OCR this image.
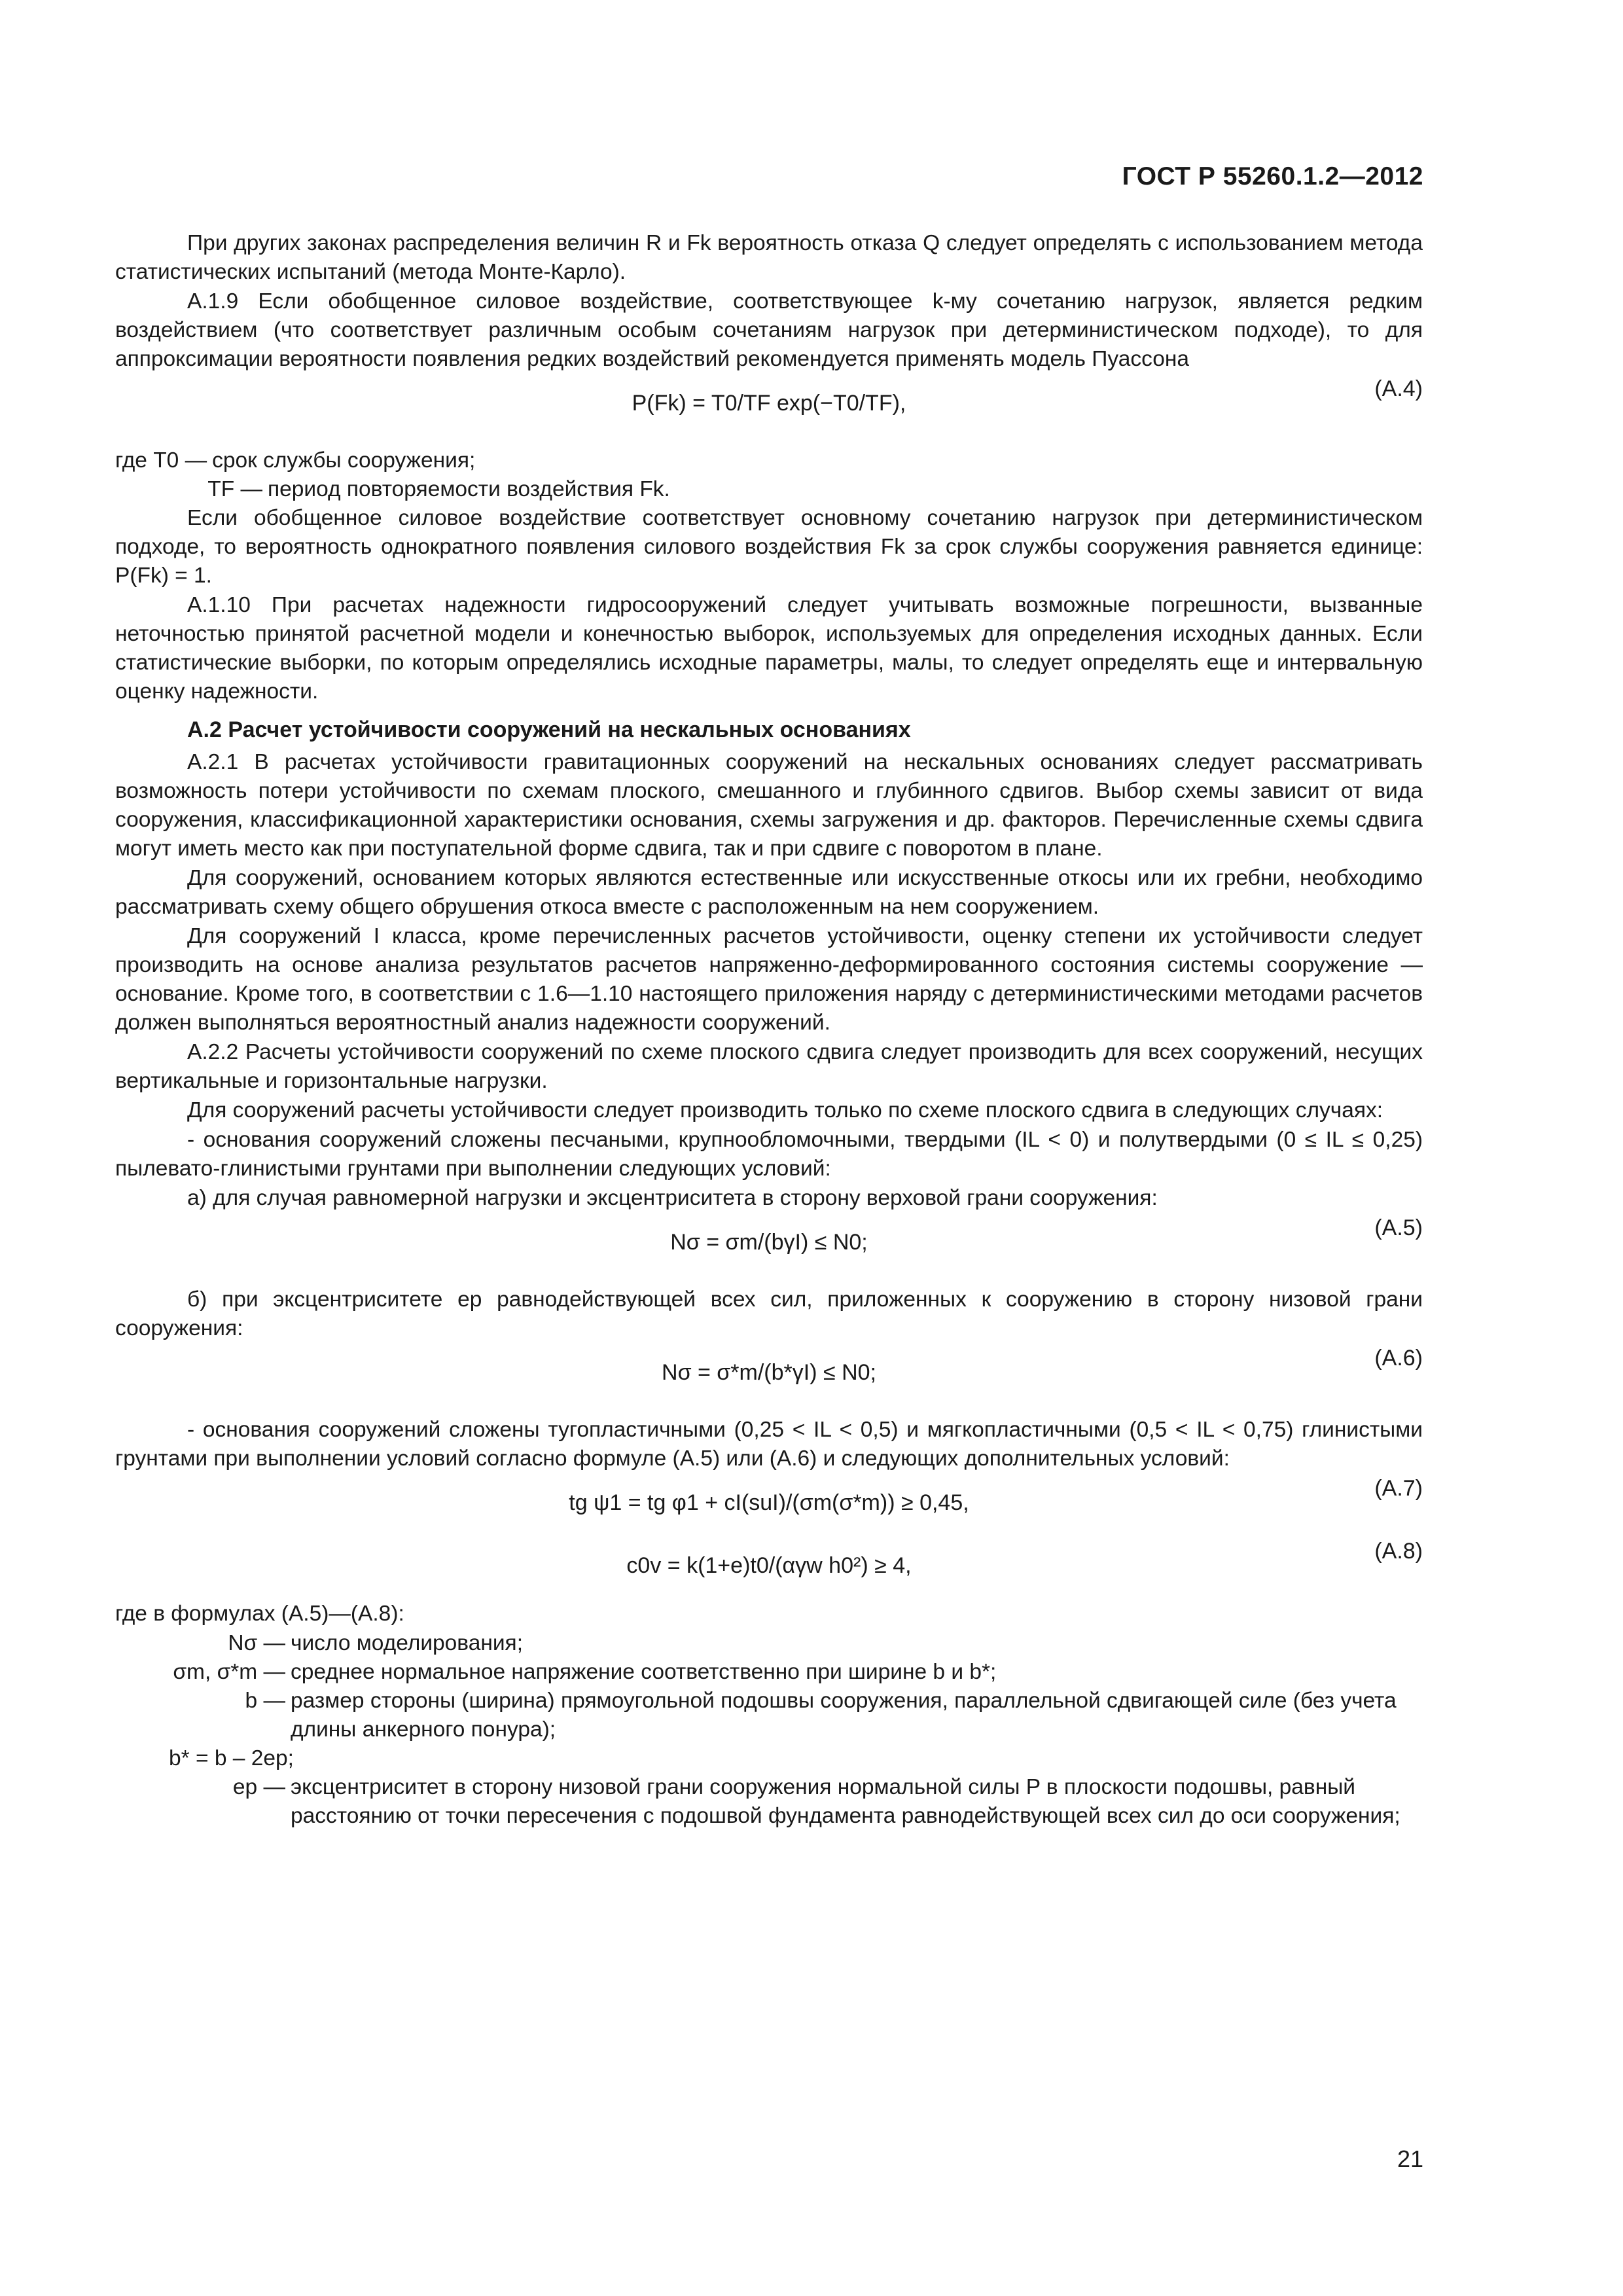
ГОСТ Р 55260.1.2—2012

При других законах распределения величин R и Fk вероятность отказа Q следует определять с использованием метода статистических испытаний (метода Монте-Карло).

А.1.9 Если обобщенное силовое воздействие, соответствующее k-му сочетанию нагрузок, является редким воздействием (что соответствует различным особым сочетаниям нагрузок при детерминистическом подходе), то для аппроксимации вероятности появления редких воздействий рекомендуется применять модель Пуассона

P(Fk) = T0/TF exp(−T0/TF),
(А.4)
где T0 — срок службы сооружения;
TF — период повторяемости воздействия Fk.

Если обобщенное силовое воздействие соответствует основному сочетанию нагрузок при детерминистическом подходе, то вероятность однократного появления силового воздействия Fk за срок службы сооружения равняется единице: P(Fk) = 1.

А.1.10 При расчетах надежности гидросооружений следует учитывать возможные погрешности, вызванные неточностью принятой расчетной модели и конечностью выборок, используемых для определения исходных данных. Если статистические выборки, по которым определялись исходные параметры, малы, то следует определять еще и интервальную оценку надежности.

А.2 Расчет устойчивости сооружений на нескальных основаниях

А.2.1 В расчетах устойчивости гравитационных сооружений на нескальных основаниях следует рассматривать возможность потери устойчивости по схемам плоского, смешанного и глубинного сдвигов. Выбор схемы зависит от вида сооружения, классификационной характеристики основания, схемы загружения и др. факторов. Перечисленные схемы сдвига могут иметь место как при поступательной форме сдвига, так и при сдвиге с поворотом в плане.

Для сооружений, основанием которых являются естественные или искусственные откосы или их гребни, необходимо рассматривать схему общего обрушения откоса вместе с расположенным на нем сооружением.

Для сооружений I класса, кроме перечисленных расчетов устойчивости, оценку степени их устойчивости следует производить на основе анализа результатов расчетов напряженно-деформированного состояния системы сооружение — основание. Кроме того, в соответствии с 1.6—1.10 настоящего приложения наряду с детерминистическими методами расчетов должен выполняться вероятностный анализ надежности сооружений.

А.2.2 Расчеты устойчивости сооружений по схеме плоского сдвига следует производить для всех сооружений, несущих вертикальные и горизонтальные нагрузки.

Для сооружений расчеты устойчивости следует производить только по схеме плоского сдвига в следующих случаях:

- основания сооружений сложены песчаными, крупнообломочными, твердыми (IL < 0) и полутвердыми (0 ≤ IL ≤ 0,25) пылевато-глинистыми грунтами при выполнении следующих условий:

а) для случая равномерной нагрузки и эксцентриситета в сторону верховой грани сооружения:

Nσ = σm/(bγI) ≤ N0;
(А.5)

б) при эксцентриситете ep равнодействующей всех сил, приложенных к сооружению в сторону низовой грани сооружения:

Nσ = σ*m/(b*γI) ≤ N0;
(А.6)

- основания сооружений сложены тугопластичными (0,25 < IL < 0,5) и мягкопластичными (0,5 < IL < 0,75) глинистыми грунтами при выполнении условий согласно формуле (А.5) или (А.6) и следующих дополнительных условий:

tg ψ1 = tg φ1 + cI(suI)/(σm(σ*m)) ≥ 0,45,
(А.7)
c0v = k(1+e)t0/(αγw h0²) ≥ 4,
(А.8)

где в формулах (А.5)—(А.8):

Nσ — число моделирования;
σm, σ*m — среднее нормальное напряжение соответственно при ширине b и b*;
b — размер стороны (ширина) прямоугольной подошвы сооружения, параллельной сдвигающей силе (без учета длины анкерного понура);
b* = b – 2ep;
ep — эксцентриситет в сторону низовой грани сооружения нормальной силы P в плоскости подошвы, равный расстоянию от точки пересечения с подошвой фундамента равнодействующей всех сил до оси сооружения;
21
